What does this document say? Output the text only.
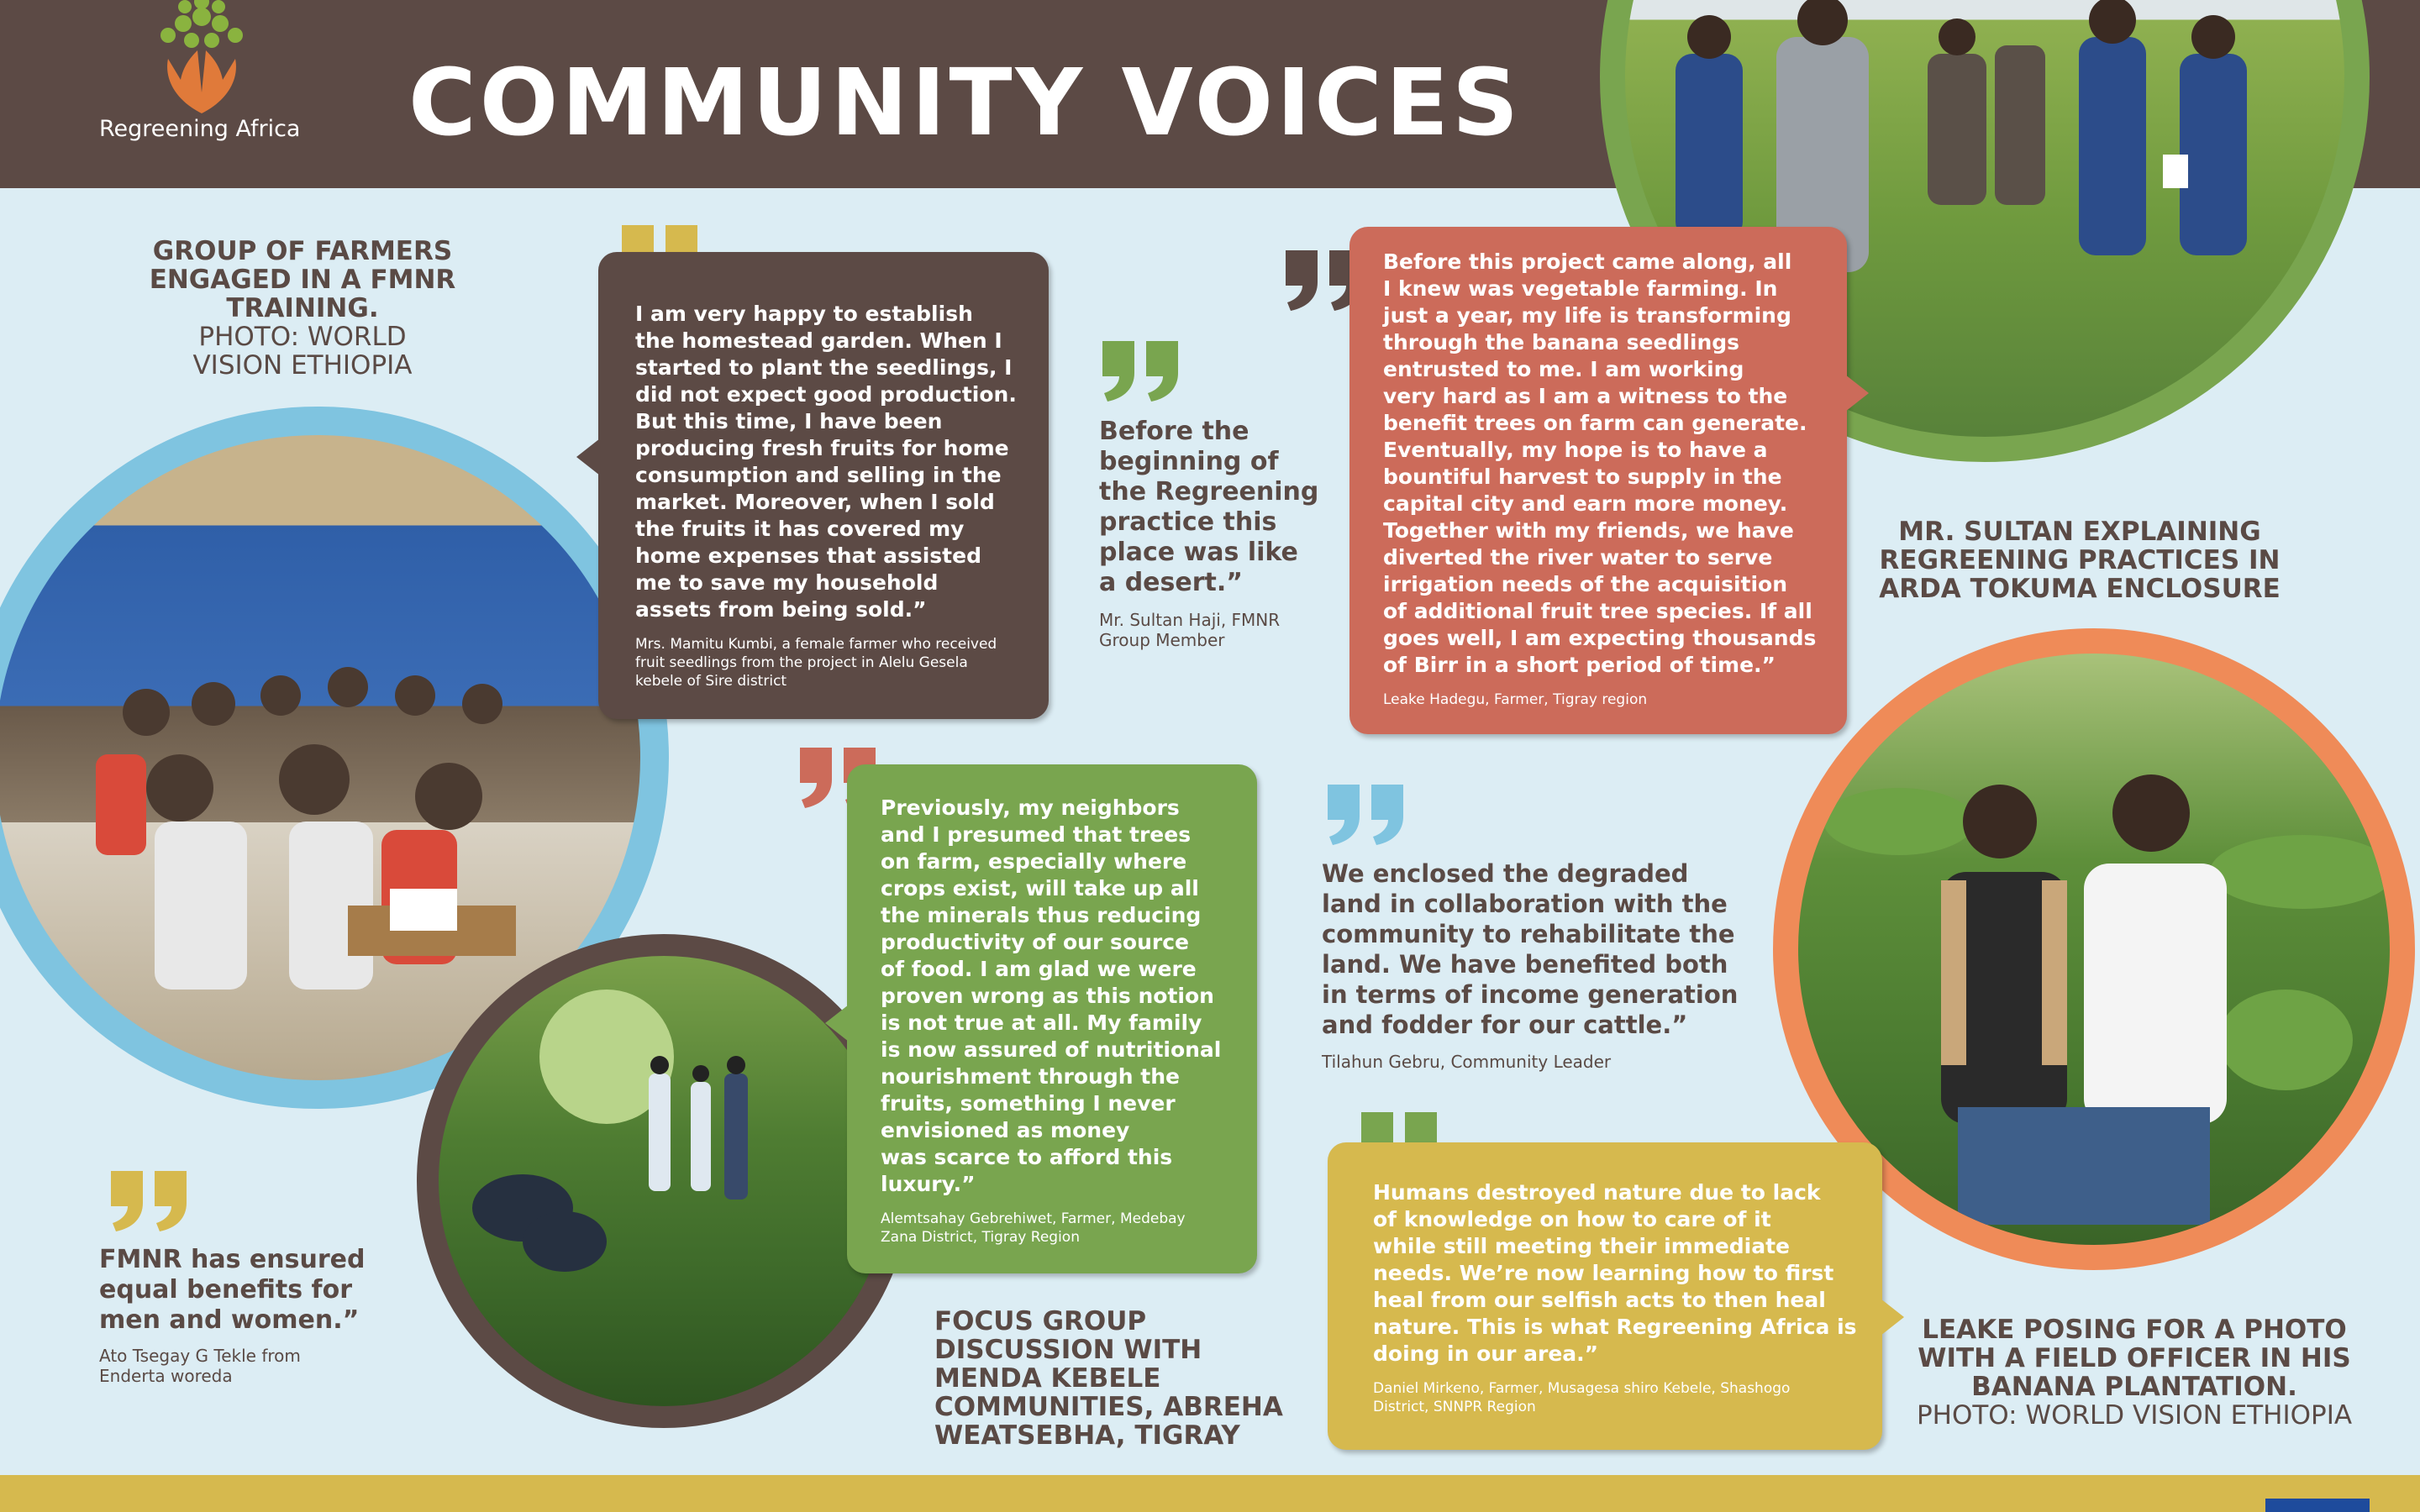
Regreening Africa COMMUNITY VOICES
GROUP OF FARMERS
ENGAGED IN A FMNR
TRAINING.
PHOTO: WORLD
VISION ETHIOPIA
MR. SULTAN EXPLAINING
REGREENING PRACTICES IN
ARDA TOKUMA ENCLOSURE
FOCUS GROUP
DISCUSSION WITH
MENDA KEBELE
COMMUNITIES, ABREHA
WEATSEBHA, TIGRAY
LEAKE POSING FOR A PHOTO
WITH A FIELD OFFICER IN HIS
BANANA PLANTATION.
PHOTO: WORLD VISION ETHIOPIA
I am very happy to establish
the homestead garden. When I
started to plant the seedlings, I
did not expect good production.
But this time, I have been
producing fresh fruits for home
consumption and selling in the
market. Moreover, when I sold
the fruits it has covered my
home expenses that assisted
me to save my household
assets from being sold.”
Mrs. Mamitu Kumbi, a female farmer who received
fruit seedlings from the project in Alelu Gesela
kebele of Sire district
Before the
beginning of
the Regreening
practice this
place was like
a desert.”
Mr. Sultan Haji, FMNR
Group Member
Before this project came along, all
I knew was vegetable farming. In
just a year, my life is transforming
through the banana seedlings
entrusted to me. I am working
very hard as I am a witness to the
benefit trees on farm can generate.
Eventually, my hope is to have a
bountiful harvest to supply in the
capital city and earn more money.
Together with my friends, we have
diverted the river water to serve
irrigation needs of the acquisition
of additional fruit tree species. If all
goes well, I am expecting thousands
of Birr in a short period of time.”
Leake Hadegu, Farmer, Tigray region
Previously, my neighbors
and I presumed that trees
on farm, especially where
crops exist, will take up all
the minerals thus reducing
productivity of our source
of food. I am glad we were
proven wrong as this notion
is not true at all. My family
is now assured of nutritional
nourishment through the
fruits, something I never
envisioned as money
was scarce to afford this
luxury.”
Alemtsahay Gebrehiwet, Farmer, Medebay
Zana District, Tigray Region
We enclosed the degraded
land in collaboration with the
community to rehabilitate the
land. We have benefited both
in terms of income generation
and fodder for our cattle.”
Tilahun Gebru, Community Leader
Humans destroyed nature due to lack
of knowledge on how to care of it
while still meeting their immediate
needs. We’re now learning how to first
heal from our selfish acts to then heal
nature. This is what Regreening Africa is
doing in our area.”
Daniel Mirkeno, Farmer, Musagesa shiro Kebele, Shashogo
District, SNNPR Region
FMNR has ensured
equal benefits for
men and women.”
Ato Tsegay G Tekle from
Enderta woreda
